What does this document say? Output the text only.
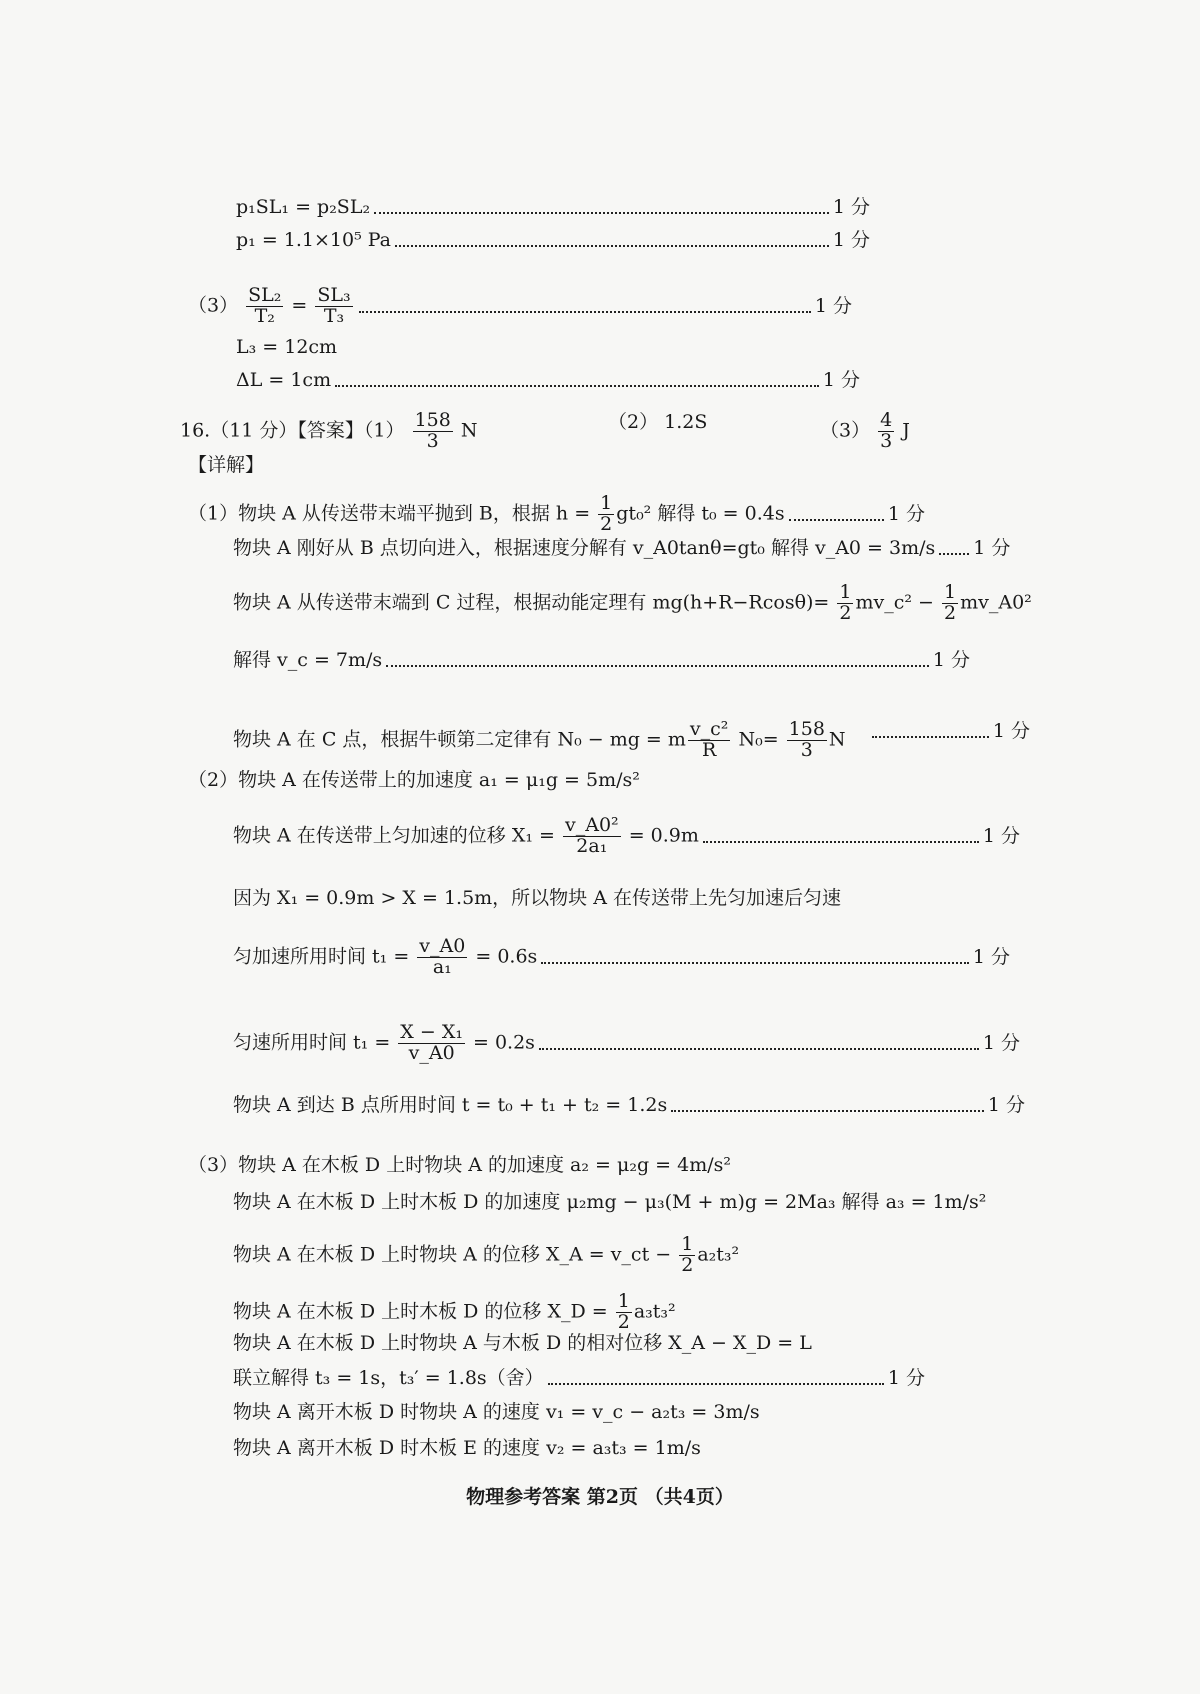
p₁SL₁ = p₂SL₂	1 分
p₁ = 1.1×10⁵ Pa	1 分
$(3) \frac{\text{SL₂}}{\text{T₂}} = \frac{\text{SL₃}}{\text{T₃}}$	1 分
L₃ = 12cm
ΔL = 1cm	1 分
16.（11 分）【答案】$(1) \frac{158}{3}$ N	（2） 1.2S	$(3) \frac{4}{3}$ J
【详解】
（1）物块 A 从传送带末端平抛到 B，根据 $h = \frac{1}{2} gt_0^2$ 解得 t₀ = 0.4s	1 分
物块 A 刚好从 B 点切向进入，根据速度分解有 v_A0tanθ=gt₀ 解得 v_A0 = 3m/s 1 分
物块 A 从传送带末端到 C 过程，根据动能定理有 $mg(h+R-Rcos\theta)= \frac{1}{2}$ mv_c² − $\frac{1}{2}$ mv_A0²
解得 v_c = 7m/s	1 分
物块 A 在 C 点，根据牛顿第二定律有 N₀ − mg = m $\frac{\text{v\_c²}}{R} N_0= \frac{158}{3}$ N	1 分
（2）物块 A 在传送带上的加速度 a₁ = μ₁g = 5m/s²
物块 A 在传送带上匀加速的位移 $X_1 = \frac{\text{v\_A0²}}{\text{2a₁}} = 0.9m$	1 分
因为 X₁ = 0.9m > X = 1.5m，所以物块 A 在传送带上先匀加速后匀速
匀加速所用时间 $t_1 = \frac{v\_A0}{\text{a₁}} = 0.6s$	1 分
匀速所用时间 $t_1 = \frac{\text{X − X₁}}{v\_A0} = 0.2s$	1 分
物块 A 到达 B 点所用时间 t = t₀ + t₁ + t₂ = 1.2s	1 分
（3）物块 A 在木板 D 上时物块 A 的加速度 a₂ = μ₂g = 4m/s²
物块 A 在木板 D 上时木板 D 的加速度 μ₂mg − μ₃(M + m)g = 2Ma₃ 解得 a₃ = 1m/s²
物块 A 在木板 D 上时物块 A 的位移 X_A = v_ct − $\frac{1}{2} a_2t_3^2$
物块 A 在木板 D 上时木板 D 的位移 X_D = $\frac{1}{2} a_3t_3^2$
物块 A 在木板 D 上时物块 A 与木板 D 的相对位移 X_A − X_D = L
联立解得 t₃ = 1s，t₃′ = 1.8s（舍）	1 分
物块 A 离开木板 D 时物块 A 的速度 v₁ = v_c − a₂t₃ = 3m/s
物块 A 离开木板 D 时木板 E 的速度 v₂ = a₃t₃ = 1m/s
物理参考答案 第2页 （共4页）
